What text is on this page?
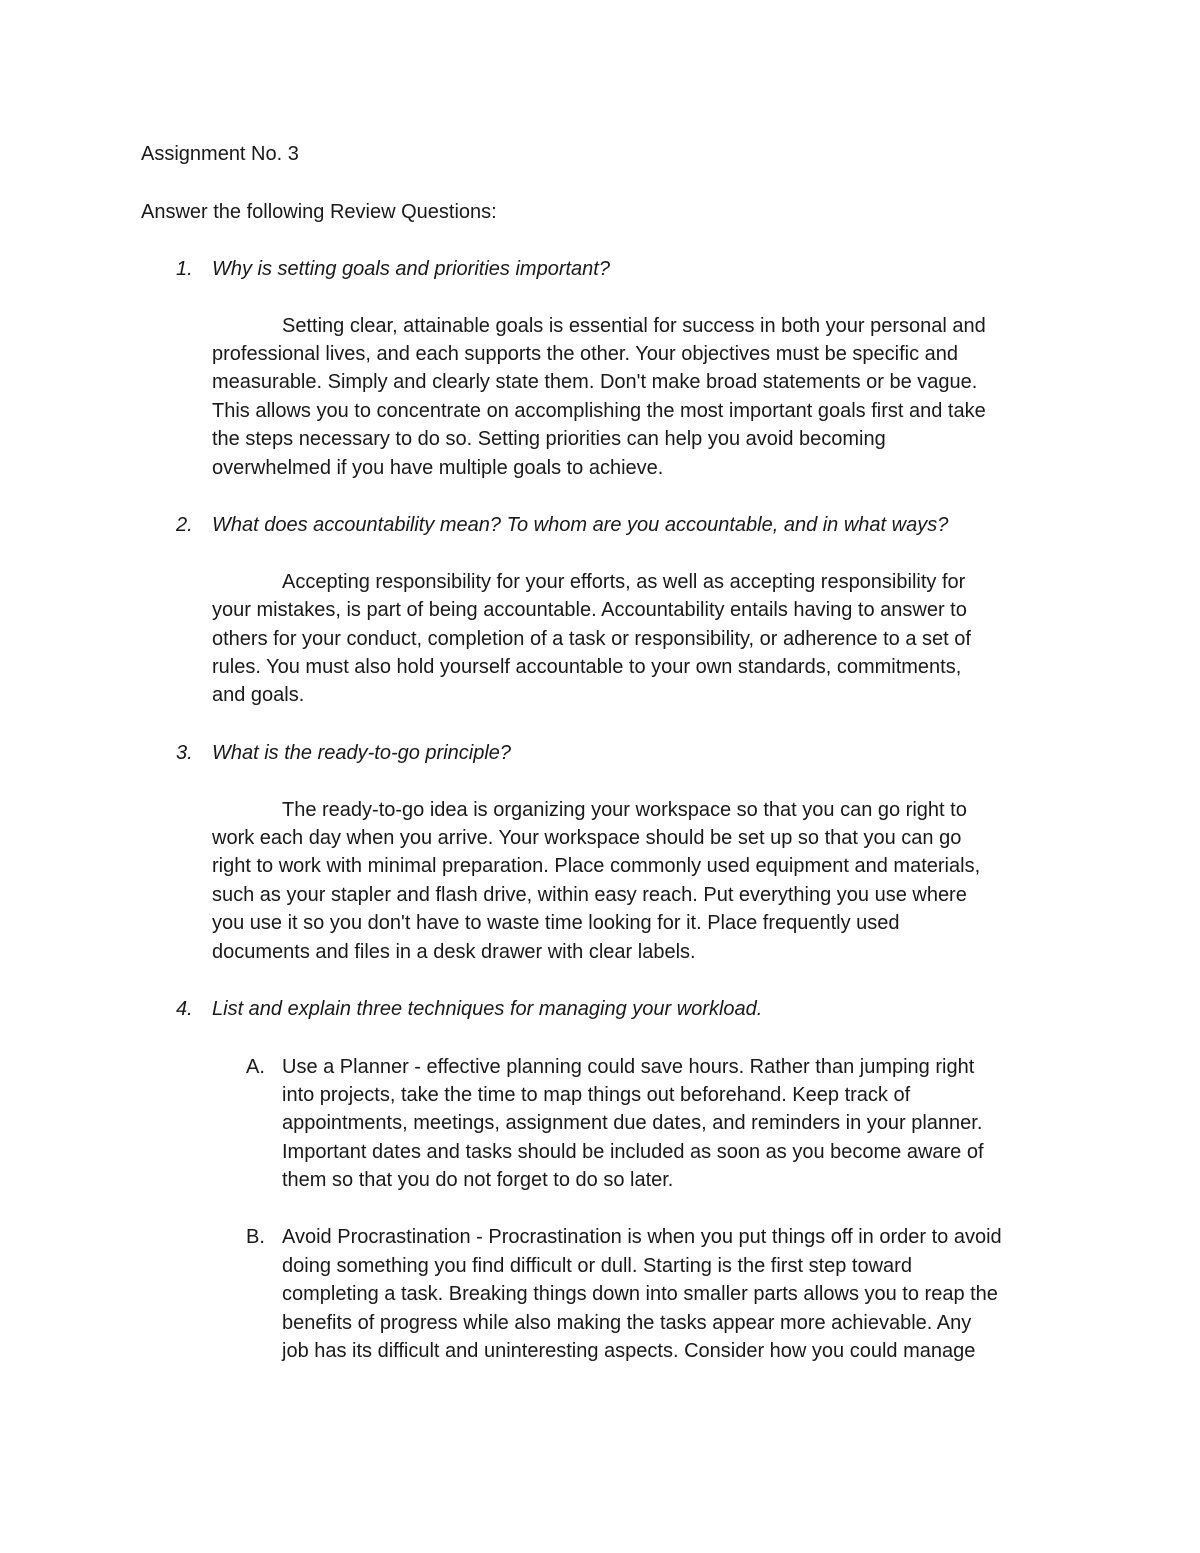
Assignment No. 3
Answer the following Review Questions:
1. Why is setting goals and priorities important?
Setting clear, attainable goals is essential for success in both your personal and
professional lives, and each supports the other. Your objectives must be specific and
measurable. Simply and clearly state them. Don't make broad statements or be vague.
This allows you to concentrate on accomplishing the most important goals first and take
the steps necessary to do so. Setting priorities can help you avoid becoming
overwhelmed if you have multiple goals to achieve.
2. What does accountability mean? To whom are you accountable, and in what ways?
Accepting responsibility for your efforts, as well as accepting responsibility for
your mistakes, is part of being accountable. Accountability entails having to answer to
others for your conduct, completion of a task or responsibility, or adherence to a set of
rules. You must also hold yourself accountable to your own standards, commitments,
and goals.
3. What is the ready-to-go principle?
The ready-to-go idea is organizing your workspace so that you can go right to
work each day when you arrive. Your workspace should be set up so that you can go
right to work with minimal preparation. Place commonly used equipment and materials,
such as your stapler and flash drive, within easy reach. Put everything you use where
you use it so you don't have to waste time looking for it. Place frequently used
documents and files in a desk drawer with clear labels.
4. List and explain three techniques for managing your workload.
A. Use a Planner - effective planning could save hours. Rather than jumping right
into projects, take the time to map things out beforehand. Keep track of
appointments, meetings, assignment due dates, and reminders in your planner.
Important dates and tasks should be included as soon as you become aware of
them so that you do not forget to do so later.
B. Avoid Procrastination - Procrastination is when you put things off in order to avoid
doing something you find difficult or dull. Starting is the first step toward
completing a task. Breaking things down into smaller parts allows you to reap the
benefits of progress while also making the tasks appear more achievable. Any
job has its difficult and uninteresting aspects. Consider how you could manage
